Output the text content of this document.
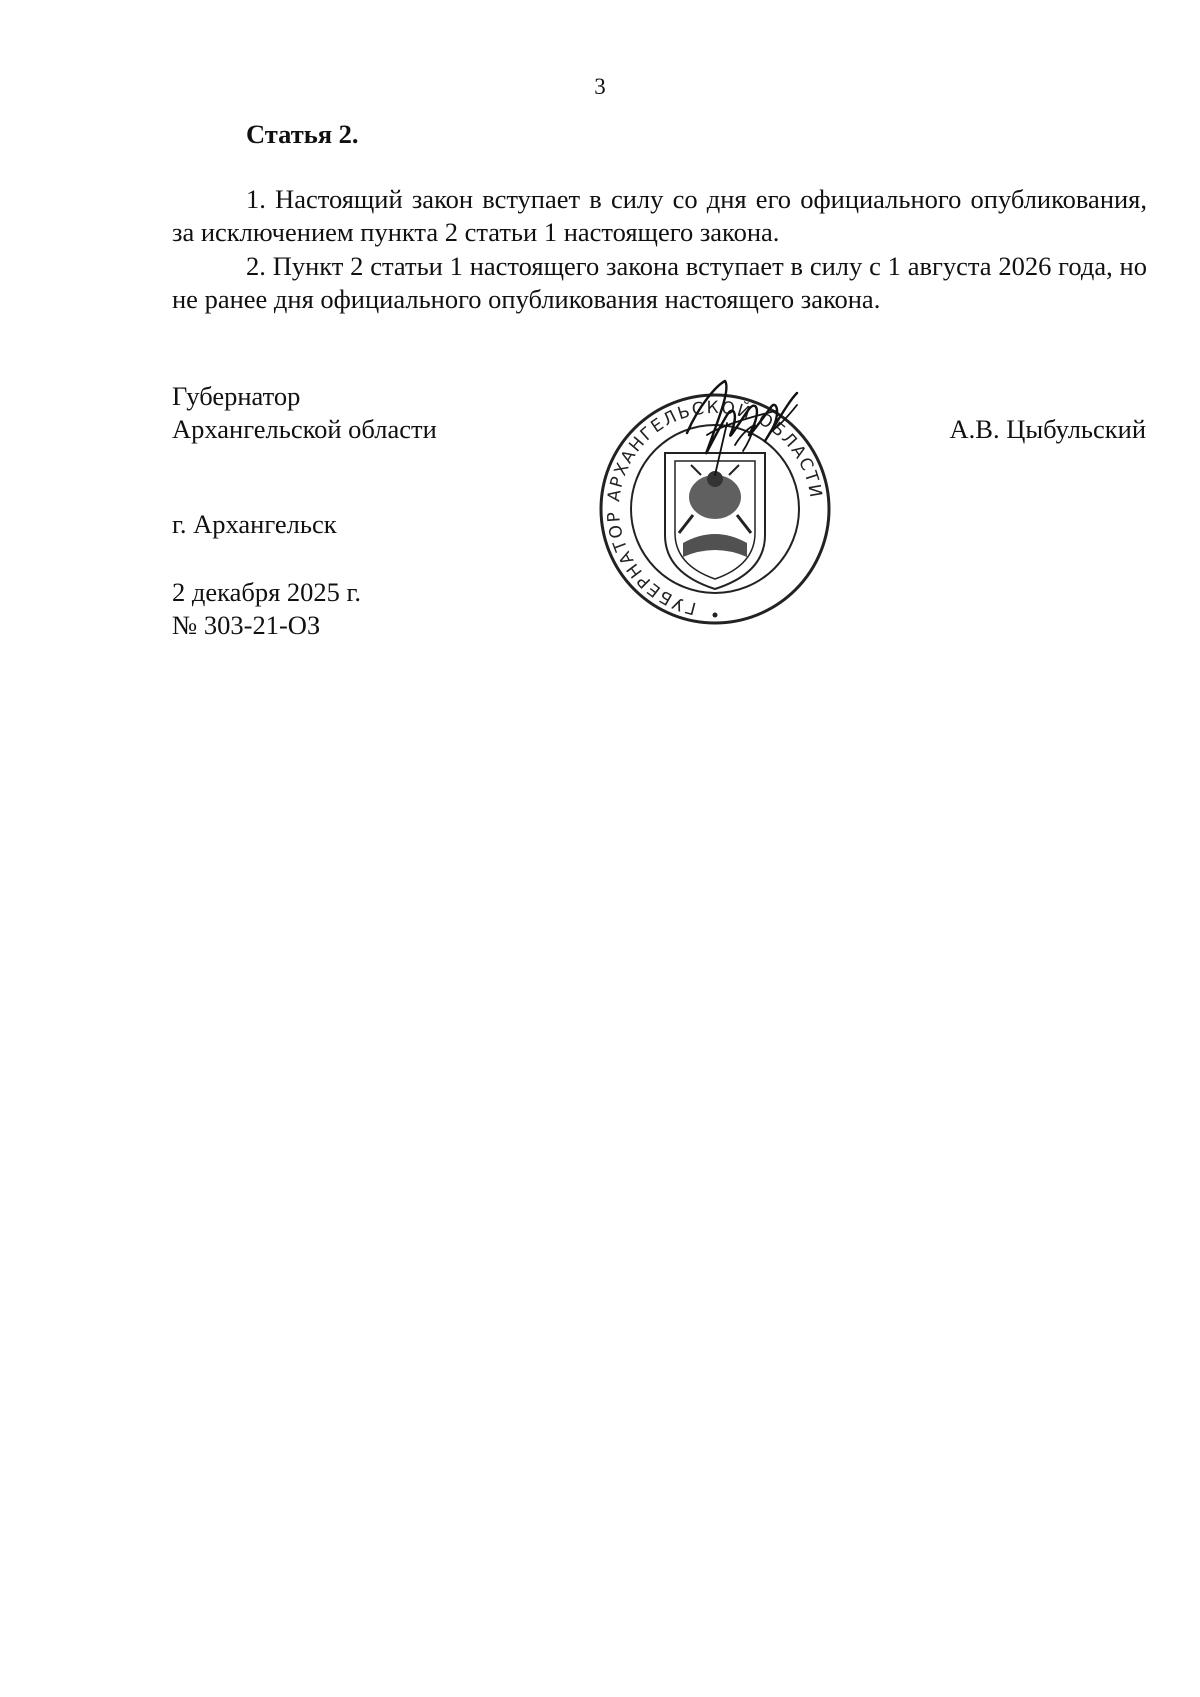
3
Статья 2.

1. Настоящий закон вступает в силу со дня его официального опубликования, за исключением пункта 2 статьи 1 настоящего закона.

2. Пункт 2 статьи 1 настоящего закона вступает в силу с 1 августа 2026 года, но не ранее дня официального опубликования настоящего закона.

Губернатор
Архангельской области	А.В. Цыбульский
г. Архангельск
2 декабря 2025 г.
№ 303-21-ОЗ
ГУБЕРНАТОР АРХАНГЕЛЬСКОЙ ОБЛАСТИ
